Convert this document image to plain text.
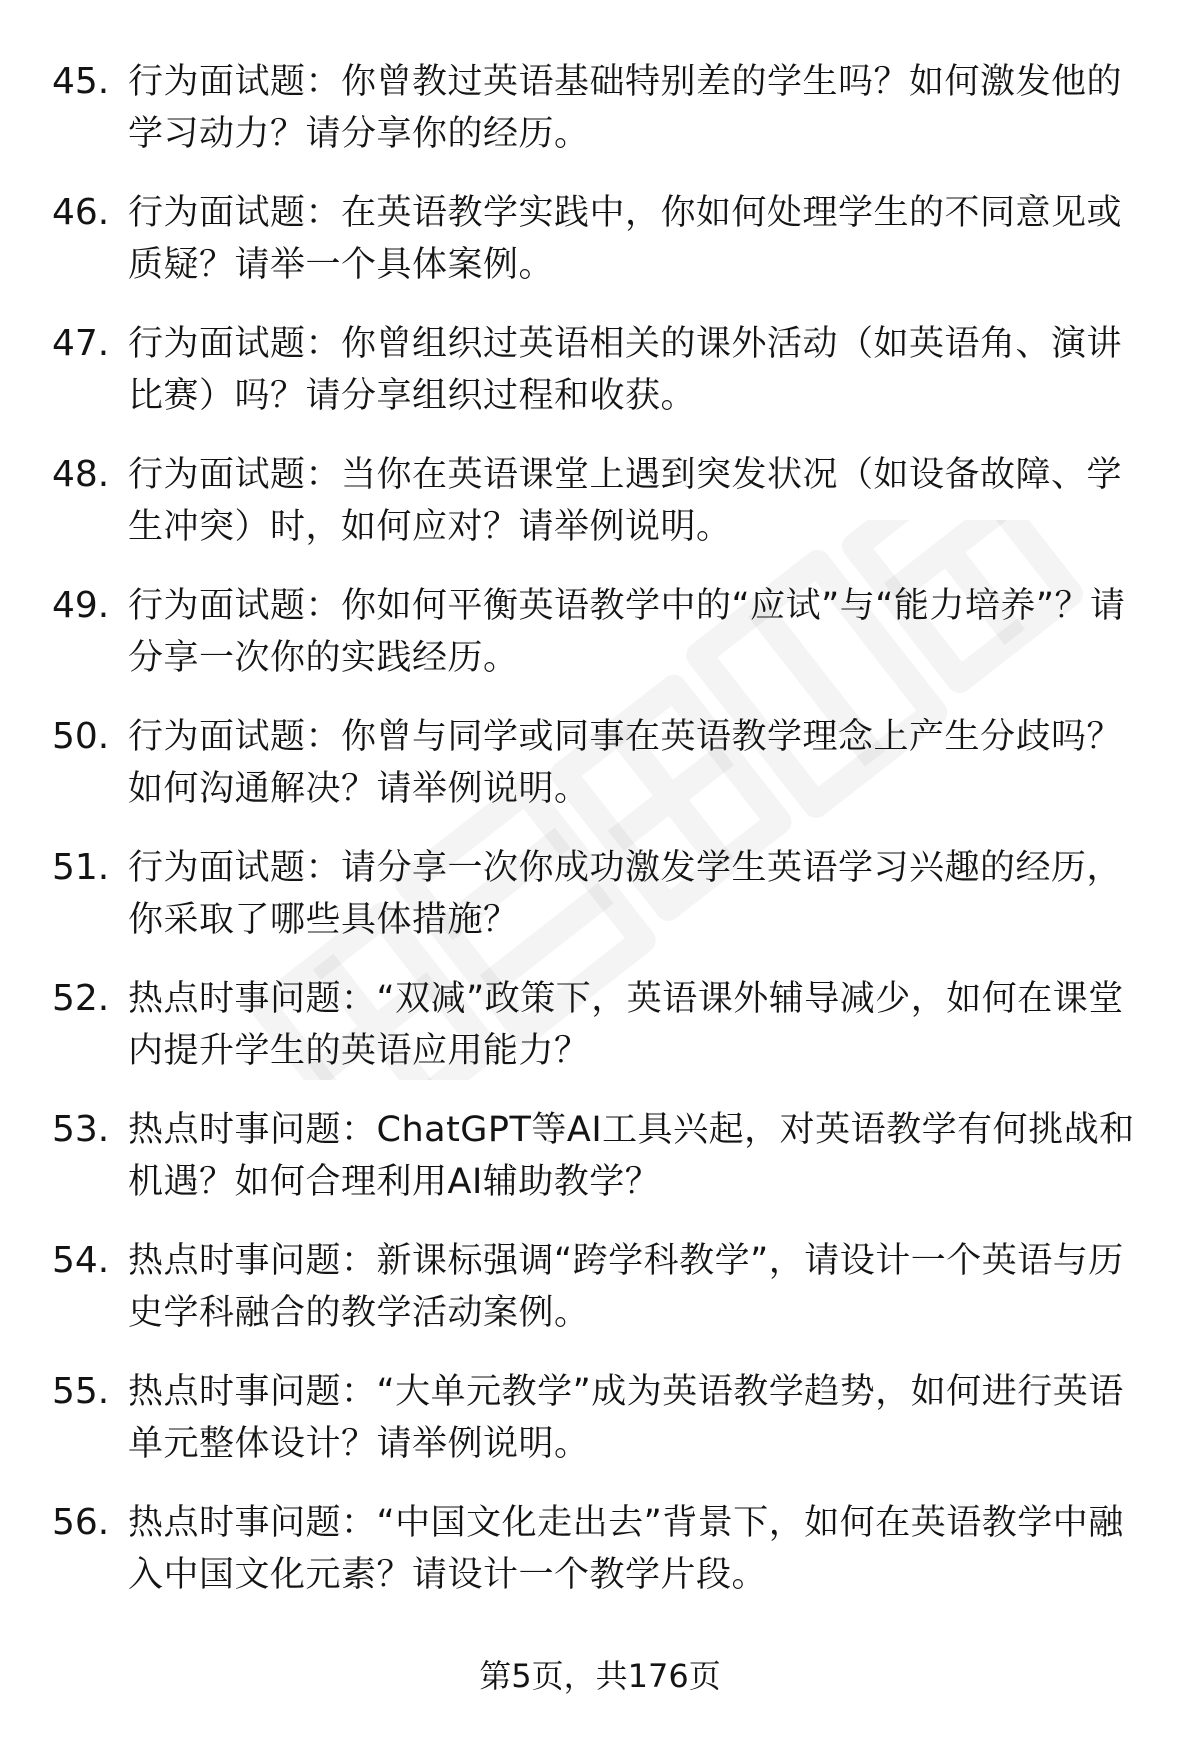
45. 行为面试题：你曾教过英语基础特别差的学生吗？如何激发他的学习动力？请分享你的经历。
46. 行为面试题：在英语教学实践中，你如何处理学生的不同意见或质疑？请举一个具体案例。
47. 行为面试题：你曾组织过英语相关的课外活动（如英语角、演讲比赛）吗？请分享组织过程和收获。
48. 行为面试题：当你在英语课堂上遇到突发状况（如设备故障、学生冲突）时，如何应对？请举例说明。
49. 行为面试题：你如何平衡英语教学中的“应试”与“能力培养”？请分享一次你的实践经历。
50. 行为面试题：你曾与同学或同事在英语教学理念上产生分歧吗？如何沟通解决？请举例说明。
51. 行为面试题：请分享一次你成功激发学生英语学习兴趣的经历，你采取了哪些具体措施？
52. 热点时事问题：“双减”政策下，英语课外辅导减少，如何在课堂内提升学生的英语应用能力？
53. 热点时事问题：ChatGPT等AI工具兴起，对英语教学有何挑战和机遇？如何合理利用AI辅助教学？
54. 热点时事问题：新课标强调“跨学科教学”，请设计一个英语与历史学科融合的教学活动案例。
55. 热点时事问题：“大单元教学”成为英语教学趋势，如何进行英语单元整体设计？请举例说明。
56. 热点时事问题：“中国文化走出去”背景下，如何在英语教学中融入中国文化元素？请设计一个教学片段。
第5页，共176页
